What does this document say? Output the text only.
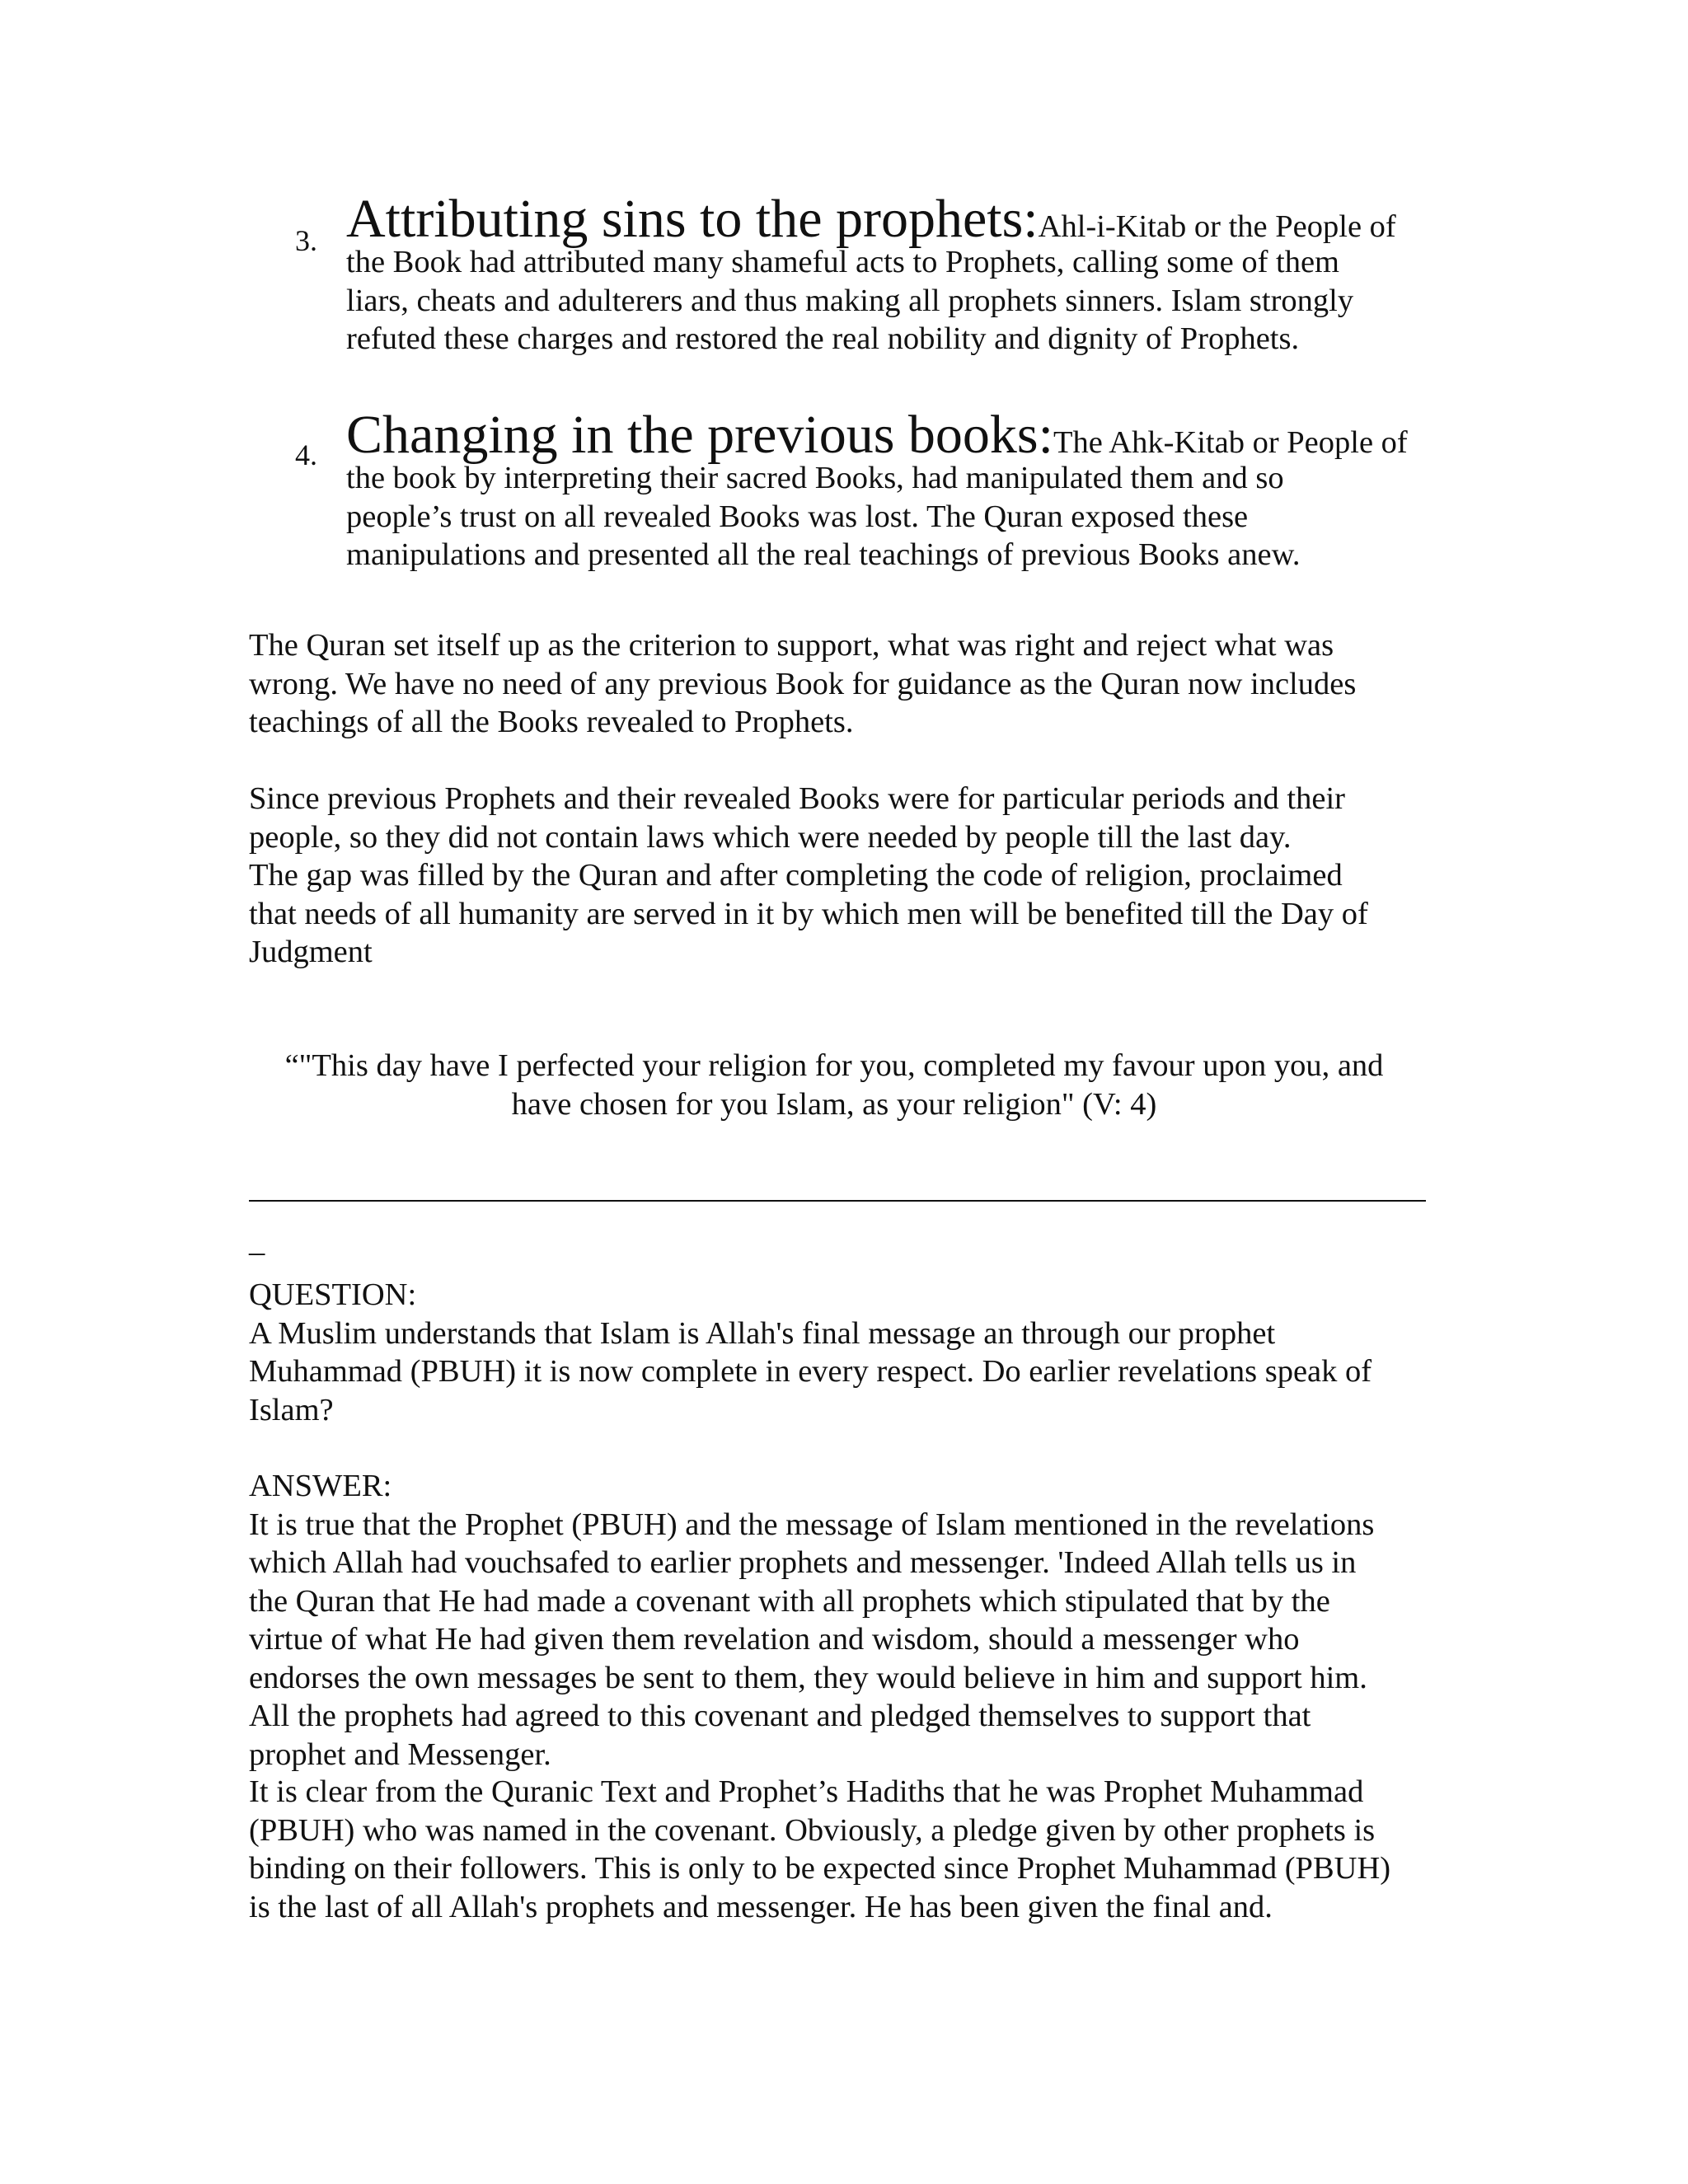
3. Attributing sins to the prophets:Ahl-i-Kitab or the People of
the Book had attributed many shameful acts to Prophets, calling some of them
liars, cheats and adulterers and thus making all prophets sinners. Islam strongly
refuted these charges and restored the real nobility and dignity of Prophets.
4. Changing in the previous books:The Ahk-Kitab or People of
the book by interpreting their sacred Books, had manipulated them and so
people’s trust on all revealed Books was lost. The Quran exposed these
manipulations and presented all the real teachings of previous Books anew.
The Quran set itself up as the criterion to support, what was right and reject what was
wrong. We have no need of any previous Book for guidance as the Quran now includes
teachings of all the Books revealed to Prophets.
Since previous Prophets and their revealed Books were for particular periods and their
people, so they did not contain laws which were needed by people till the last day.
The gap was filled by the Quran and after completing the code of religion, proclaimed
that needs of all humanity are served in it by which men will be benefited till the Day of
Judgment
“"This day have I perfected your religion for you, completed my favour upon you, and
have chosen for you Islam, as your religion" (V: 4)
_
QUESTION:
A Muslim understands that Islam is Allah's final message an through our prophet
Muhammad (PBUH) it is now complete in every respect. Do earlier revelations speak of
Islam?
ANSWER:
It is true that the Prophet (PBUH) and the message of Islam mentioned in the revelations
which Allah had vouchsafed to earlier prophets and messenger. 'Indeed Allah tells us in
the Quran that He had made a covenant with all prophets which stipulated that by the
virtue of what He had given them revelation and wisdom, should a messenger who
endorses the own messages be sent to them, they would believe in him and support him.
All the prophets had agreed to this covenant and pledged themselves to support that
prophet and Messenger.
It is clear from the Quranic Text and Prophet’s Hadiths that he was Prophet Muhammad
(PBUH) who was named in the covenant. Obviously, a pledge given by other prophets is
binding on their followers. This is only to be expected since Prophet Muhammad (PBUH)
is the last of all Allah's prophets and messenger. He has been given the final and.
